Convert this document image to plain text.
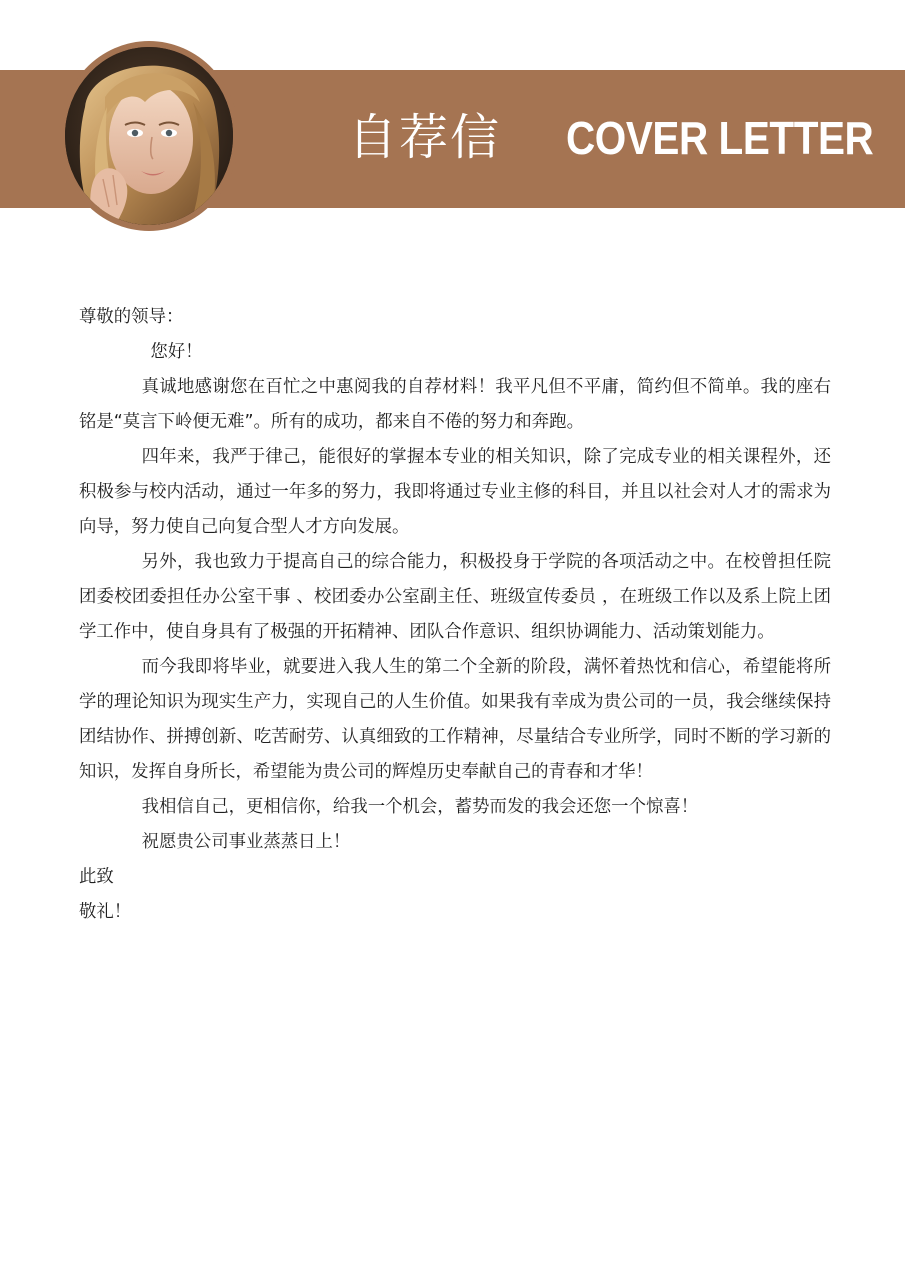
自荐信 COVER LETTER

尊敬的领导：

您好！

真诚地感谢您在百忙之中惠阅我的自荐材料！我平凡但不平庸，简约但不简单。我的座右铭是“莫言下岭便无难”。所有的成功，都来自不倦的努力和奔跑。

四年来，我严于律己，能很好的掌握本专业的相关知识，除了完成专业的相关课程外，还积极参与校内活动，通过一年多的努力，我即将通过专业主修的科目，并且以社会对人才的需求为向导，努力使自己向复合型人才方向发展。

另外，我也致力于提高自己的综合能力，积极投身于学院的各项活动之中。在校曾担任院团委校团委担任办公室干事 、校团委办公室副主任、班级宣传委员 ，在班级工作以及系上院上团学工作中，使自身具有了极强的开拓精神、团队合作意识、组织协调能力、活动策划能力。

而今我即将毕业，就要进入我人生的第二个全新的阶段，满怀着热忱和信心，希望能将所学的理论知识为现实生产力，实现自己的人生价值。如果我有幸成为贵公司的一员，我会继续保持团结协作、拼搏创新、吃苦耐劳、认真细致的工作精神，尽量结合专业所学，同时不断的学习新的知识，发挥自身所长，希望能为贵公司的辉煌历史奉献自己的青春和才华！

我相信自己，更相信你，给我一个机会，蓄势而发的我会还您一个惊喜！

祝愿贵公司事业蒸蒸日上！

此致

敬礼！
